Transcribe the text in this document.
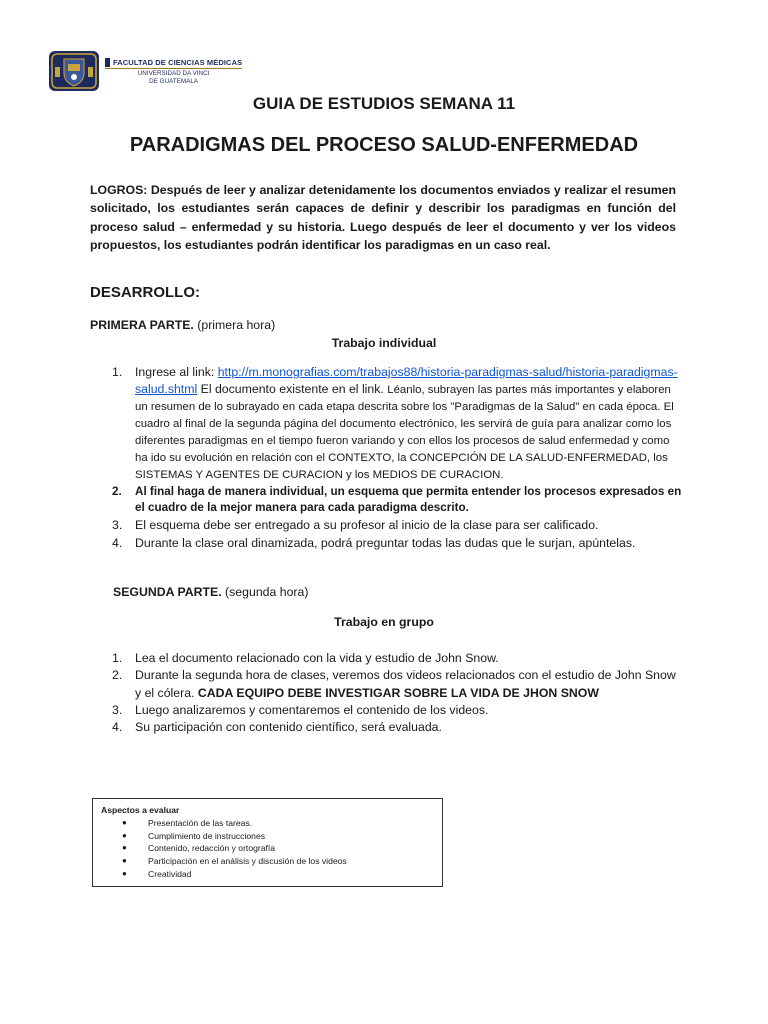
FACULTAD DE CIENCIAS MÉDICAS
UNIVERSIDAD DA VINCI
DE GUATEMALA
GUIA DE ESTUDIOS SEMANA 11
PARADIGMAS DEL PROCESO SALUD-ENFERMEDAD
LOGROS: Después de leer y analizar detenidamente los documentos enviados y realizar el resumen solicitado, los estudiantes serán capaces de definir y describir los paradigmas en función del proceso salud – enfermedad y su historia. Luego después de leer el documento y ver los videos propuestos, los estudiantes podrán identificar los paradigmas en un caso real.
DESARROLLO:
PRIMERA PARTE. (primera hora)
Trabajo individual
1. Ingrese al link: http://m.monografias.com/trabajos88/historia-paradigmas-salud/historia-paradigmas-salud.shtml El documento existente en el link. Léanlo, subrayen las partes más importantes y elaboren un resumen de lo subrayado en cada etapa descrita sobre los "Paradigmas de la Salud" en cada época. El cuadro al final de la segunda página del documento electrónico, les servirá de guía para analizar como los diferentes paradigmas en el tiempo fueron variando y con ellos los procesos de salud enfermedad y como ha ido su evolución en relación con el CONTEXTO, la CONCEPCIÓN DE LA SALUD-ENFERMEDAD, los SISTEMAS Y AGENTES DE CURACION y los MEDIOS DE CURACION.
2. Al final haga de manera individual, un esquema que permita entender los procesos expresados en el cuadro de la mejor manera para cada paradigma descrito.
3. El esquema debe ser entregado a su profesor al inicio de la clase para ser calificado.
4. Durante la clase oral dinamizada, podrá preguntar todas las dudas que le surjan, apúntelas.
SEGUNDA PARTE. (segunda hora)
Trabajo en grupo
1. Lea el documento relacionado con la vida y estudio de John Snow.
2. Durante la segunda hora de clases, veremos dos videos relacionados con el estudio de John Snow y el cólera. CADA EQUIPO DEBE INVESTIGAR SOBRE LA VIDA DE JHON SNOW
3. Luego analizaremos y comentaremos el contenido de los videos.
4. Su participación con contenido científico, será evaluada.
Aspectos a evaluar
● Presentación de las tareas.
● Cumplimiento de instrucciones
● Contenido, redacción y ortografía
● Participación en el análisis y discusión de los videos
● Creatividad
